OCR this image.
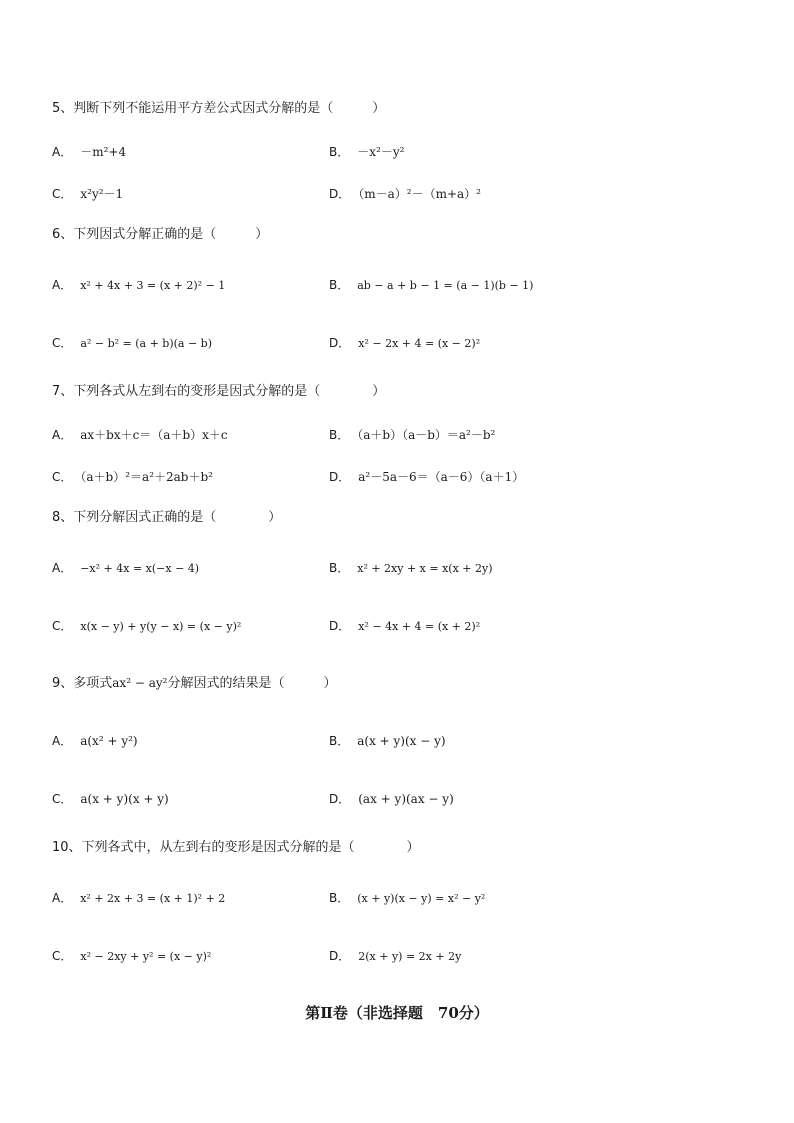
5、判断下列不能运用平方差公式因式分解的是（　　　）
A． －m²+4	B． －x²－y²
C． x²y²－1	D． （m－a）²－（m+a）²
6、下列因式分解正确的是（　　　）
A． x² + 4x + 3 = (x + 2)² − 1	B． ab − a + b − 1 = (a − 1)(b − 1)
C． a² − b² = (a + b)(a − b)	D． x² − 2x + 4 = (x − 2)²
7、下列各式从左到右的变形是因式分解的是（　　　　）
A． ax＋bx＋c＝（a＋b）x＋c	B． （a＋b）（a－b）＝a²－b²
C． （a＋b）²＝a²＋2ab＋b²	D． a²－5a－6＝（a－6）（a＋1）
8、下列分解因式正确的是（　　　　）
A． −x² + 4x = x(−x − 4)	B． x² + 2xy + x = x(x + 2y)
C． x(x − y) + y(y − x) = (x − y)²	D． x² − 4x + 4 = (x + 2)²
9、多项式ax² − ay²分解因式的结果是（　　　）
A． a(x² + y²)	B． a(x + y)(x − y)
C． a(x + y)(x + y)	D． (ax + y)(ax − y)
10、下列各式中，从左到右的变形是因式分解的是（　　　　）
A． x² + 2x + 3 = (x + 1)² + 2	B． (x + y)(x − y) = x² − y²
C． x² − 2xy + y² = (x − y)²	D． 2(x + y) = 2x + 2y
第Ⅱ卷（非选择题　70分）
